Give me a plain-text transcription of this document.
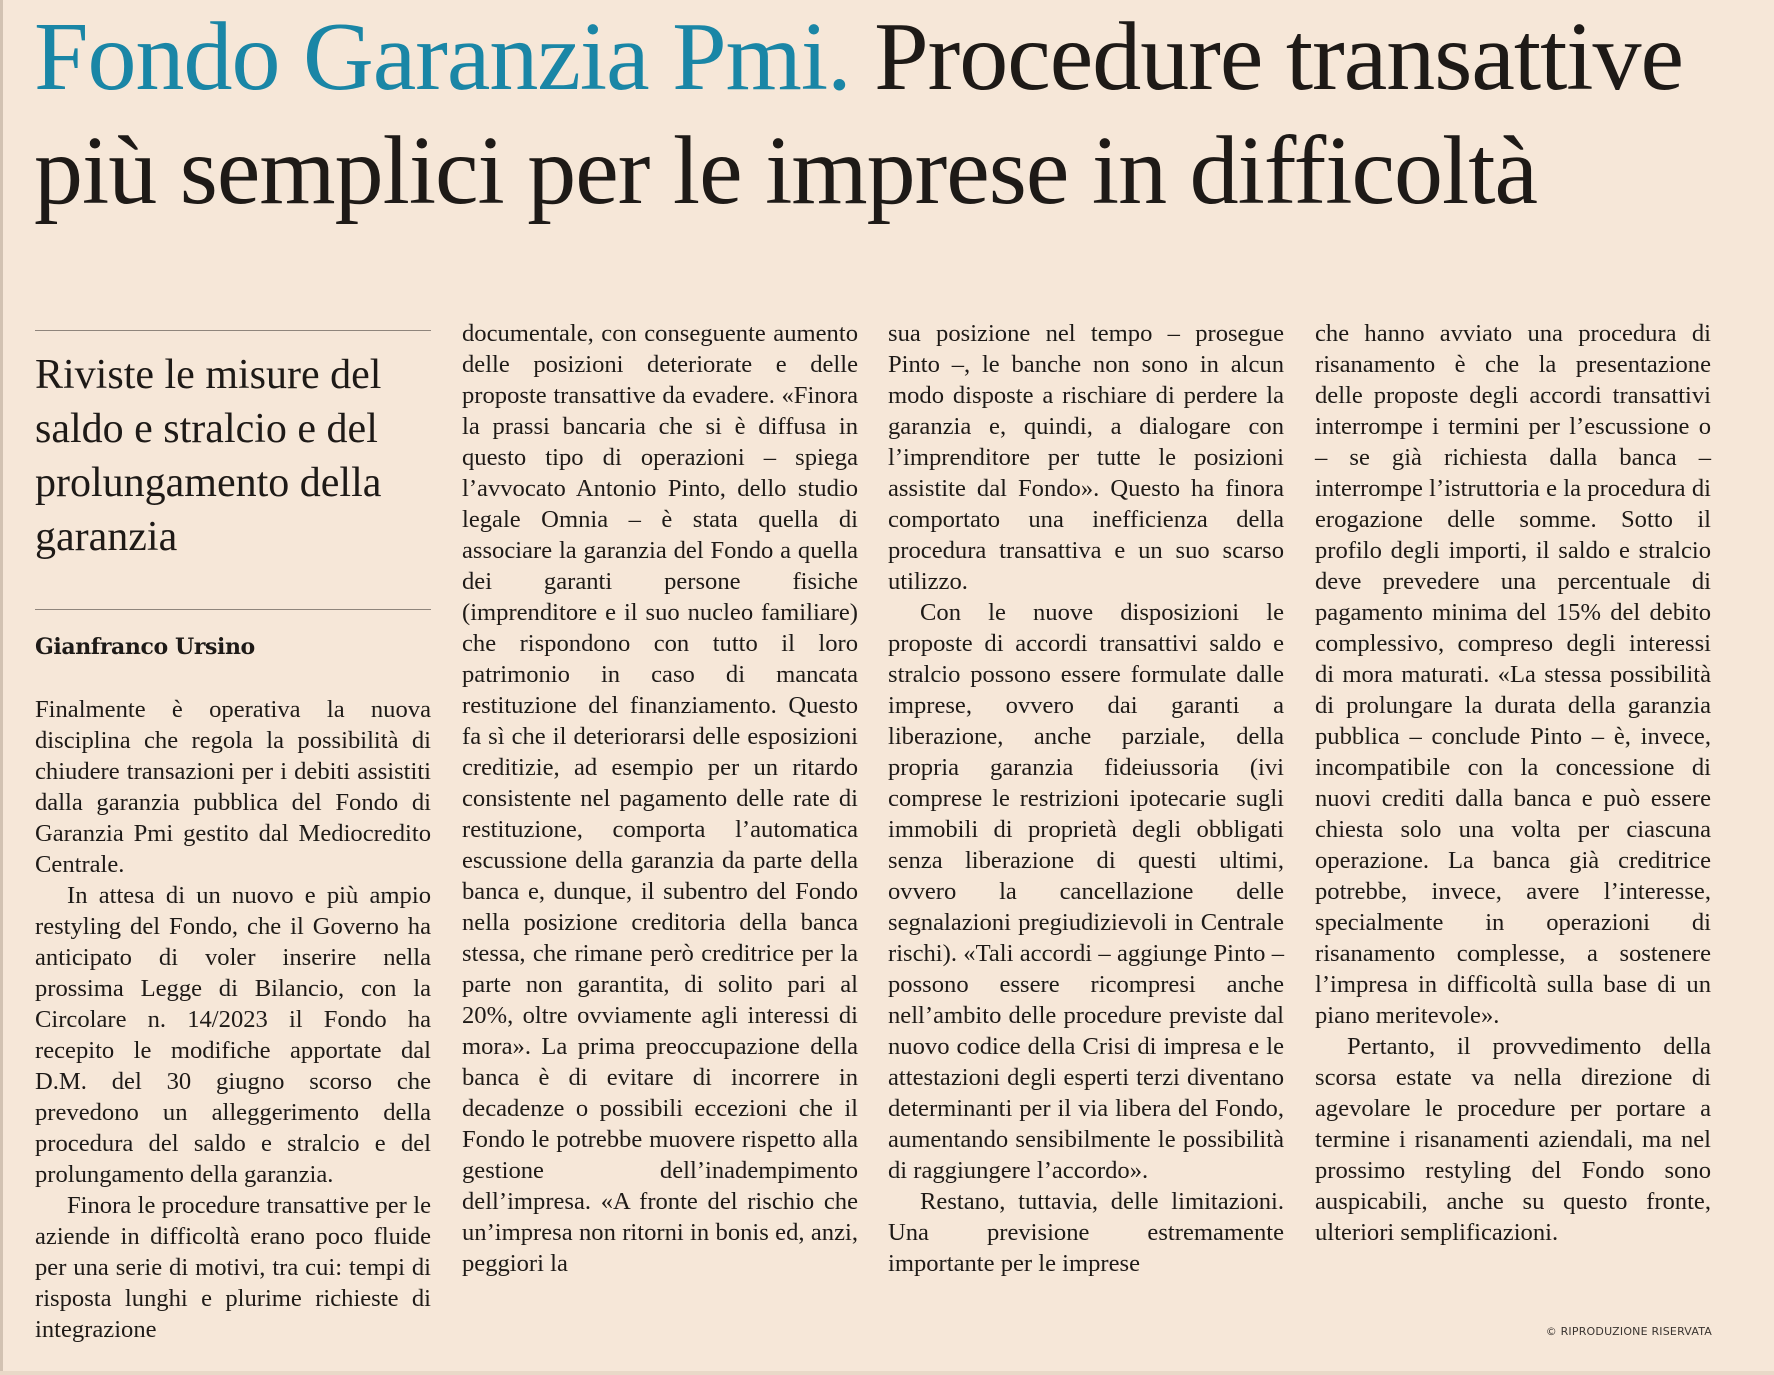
Fondo Garanzia Pmi. Procedure transattive
più semplici per le imprese in difficoltà

Riviste le misure del saldo e stralcio e del prolungamento della garanzia

Gianfranco Ursino

Finalmente è operativa la nuova disciplina che regola la possibilità di chiudere transazioni per i debiti assistiti dalla garanzia pubblica del Fondo di Garanzia Pmi gestito dal Mediocredito Centrale.

In attesa di un nuovo e più ampio restyling del Fondo, che il Governo ha anticipato di voler inserire nella prossima Legge di Bilancio, con la Circolare n. 14/2023 il Fondo ha recepito le modifiche apportate dal D.M. del 30 giugno scorso che prevedono un alleggerimento della procedura del saldo e stralcio e del prolungamento della garanzia.

Finora le procedure transattive per le aziende in difficoltà erano poco fluide per una serie di motivi, tra cui: tempi di risposta lunghi e plurime richieste di integrazione

documentale, con conseguente aumento delle posizioni deteriorate e delle proposte transattive da evadere. «Finora la prassi bancaria che si è diffusa in questo tipo di operazioni – spiega l’avvocato Antonio Pinto, dello studio legale Omnia – è stata quella di associare la garanzia del Fondo a quella dei garanti persone fisiche (imprenditore e il suo nucleo familiare) che rispondono con tutto il loro patrimonio in caso di mancata restituzione del finanziamento. Questo fa sì che il deteriorarsi delle esposizioni creditizie, ad esempio per un ritardo consistente nel pagamento delle rate di restituzione, comporta l’automatica escussione della garanzia da parte della banca e, dunque, il subentro del Fondo nella posizione creditoria della banca stessa, che rimane però creditrice per la parte non garantita, di solito pari al 20%, oltre ovviamente agli interessi di mora». La prima preoccupazione della banca è di evitare di incorrere in decadenze o possibili eccezioni che il Fondo le potrebbe muovere rispetto alla gestione dell’inadempimento dell’impresa. «A fronte del rischio che un’impresa non ritorni in bonis ed, anzi, peggiori la

sua posizione nel tempo – prosegue Pinto –, le banche non sono in alcun modo disposte a rischiare di perdere la garanzia e, quindi, a dialogare con l’imprenditore per tutte le posizioni assistite dal Fondo». Questo ha finora comportato una inefficienza della procedura transattiva e un suo scarso utilizzo.

Con le nuove disposizioni le proposte di accordi transattivi saldo e stralcio possono essere formulate dalle imprese, ovvero dai garanti a liberazione, anche parziale, della propria garanzia fideiussoria (ivi comprese le restrizioni ipotecarie sugli immobili di proprietà degli obbligati senza liberazione di questi ultimi, ovvero la cancellazione delle segnalazioni pregiudizievoli in Centrale rischi). «Tali accordi – aggiunge Pinto – possono essere ricompresi anche nell’ambito delle procedure previste dal nuovo codice della Crisi di impresa e le attestazioni degli esperti terzi diventano determinanti per il via libera del Fondo, aumentando sensibilmente le possibilità di raggiungere l’accordo».

Restano, tuttavia, delle limitazioni. Una previsione estremamente importante per le imprese

che hanno avviato una procedura di risanamento è che la presentazione delle proposte degli accordi transattivi interrompe i termini per l’escussione o – se già richiesta dalla banca – interrompe l’istruttoria e la procedura di erogazione delle somme. Sotto il profilo degli importi, il saldo e stralcio deve prevedere una percentuale di pagamento minima del 15% del debito complessivo, compreso degli interessi di mora maturati. «La stessa possibilità di prolungare la durata della garanzia pubblica – conclude Pinto – è, invece, incompatibile con la concessione di nuovi crediti dalla banca e può essere chiesta solo una volta per ciascuna operazione. La banca già creditrice potrebbe, invece, avere l’interesse, specialmente in operazioni di risanamento complesse, a sostenere l’impresa in difficoltà sulla base di un piano meritevole».

Pertanto, il provvedimento della scorsa estate va nella direzione di agevolare le procedure per portare a termine i risanamenti aziendali, ma nel prossimo restyling del Fondo sono auspicabili, anche su questo fronte, ulteriori semplificazioni.

© RIPRODUZIONE RISERVATA
